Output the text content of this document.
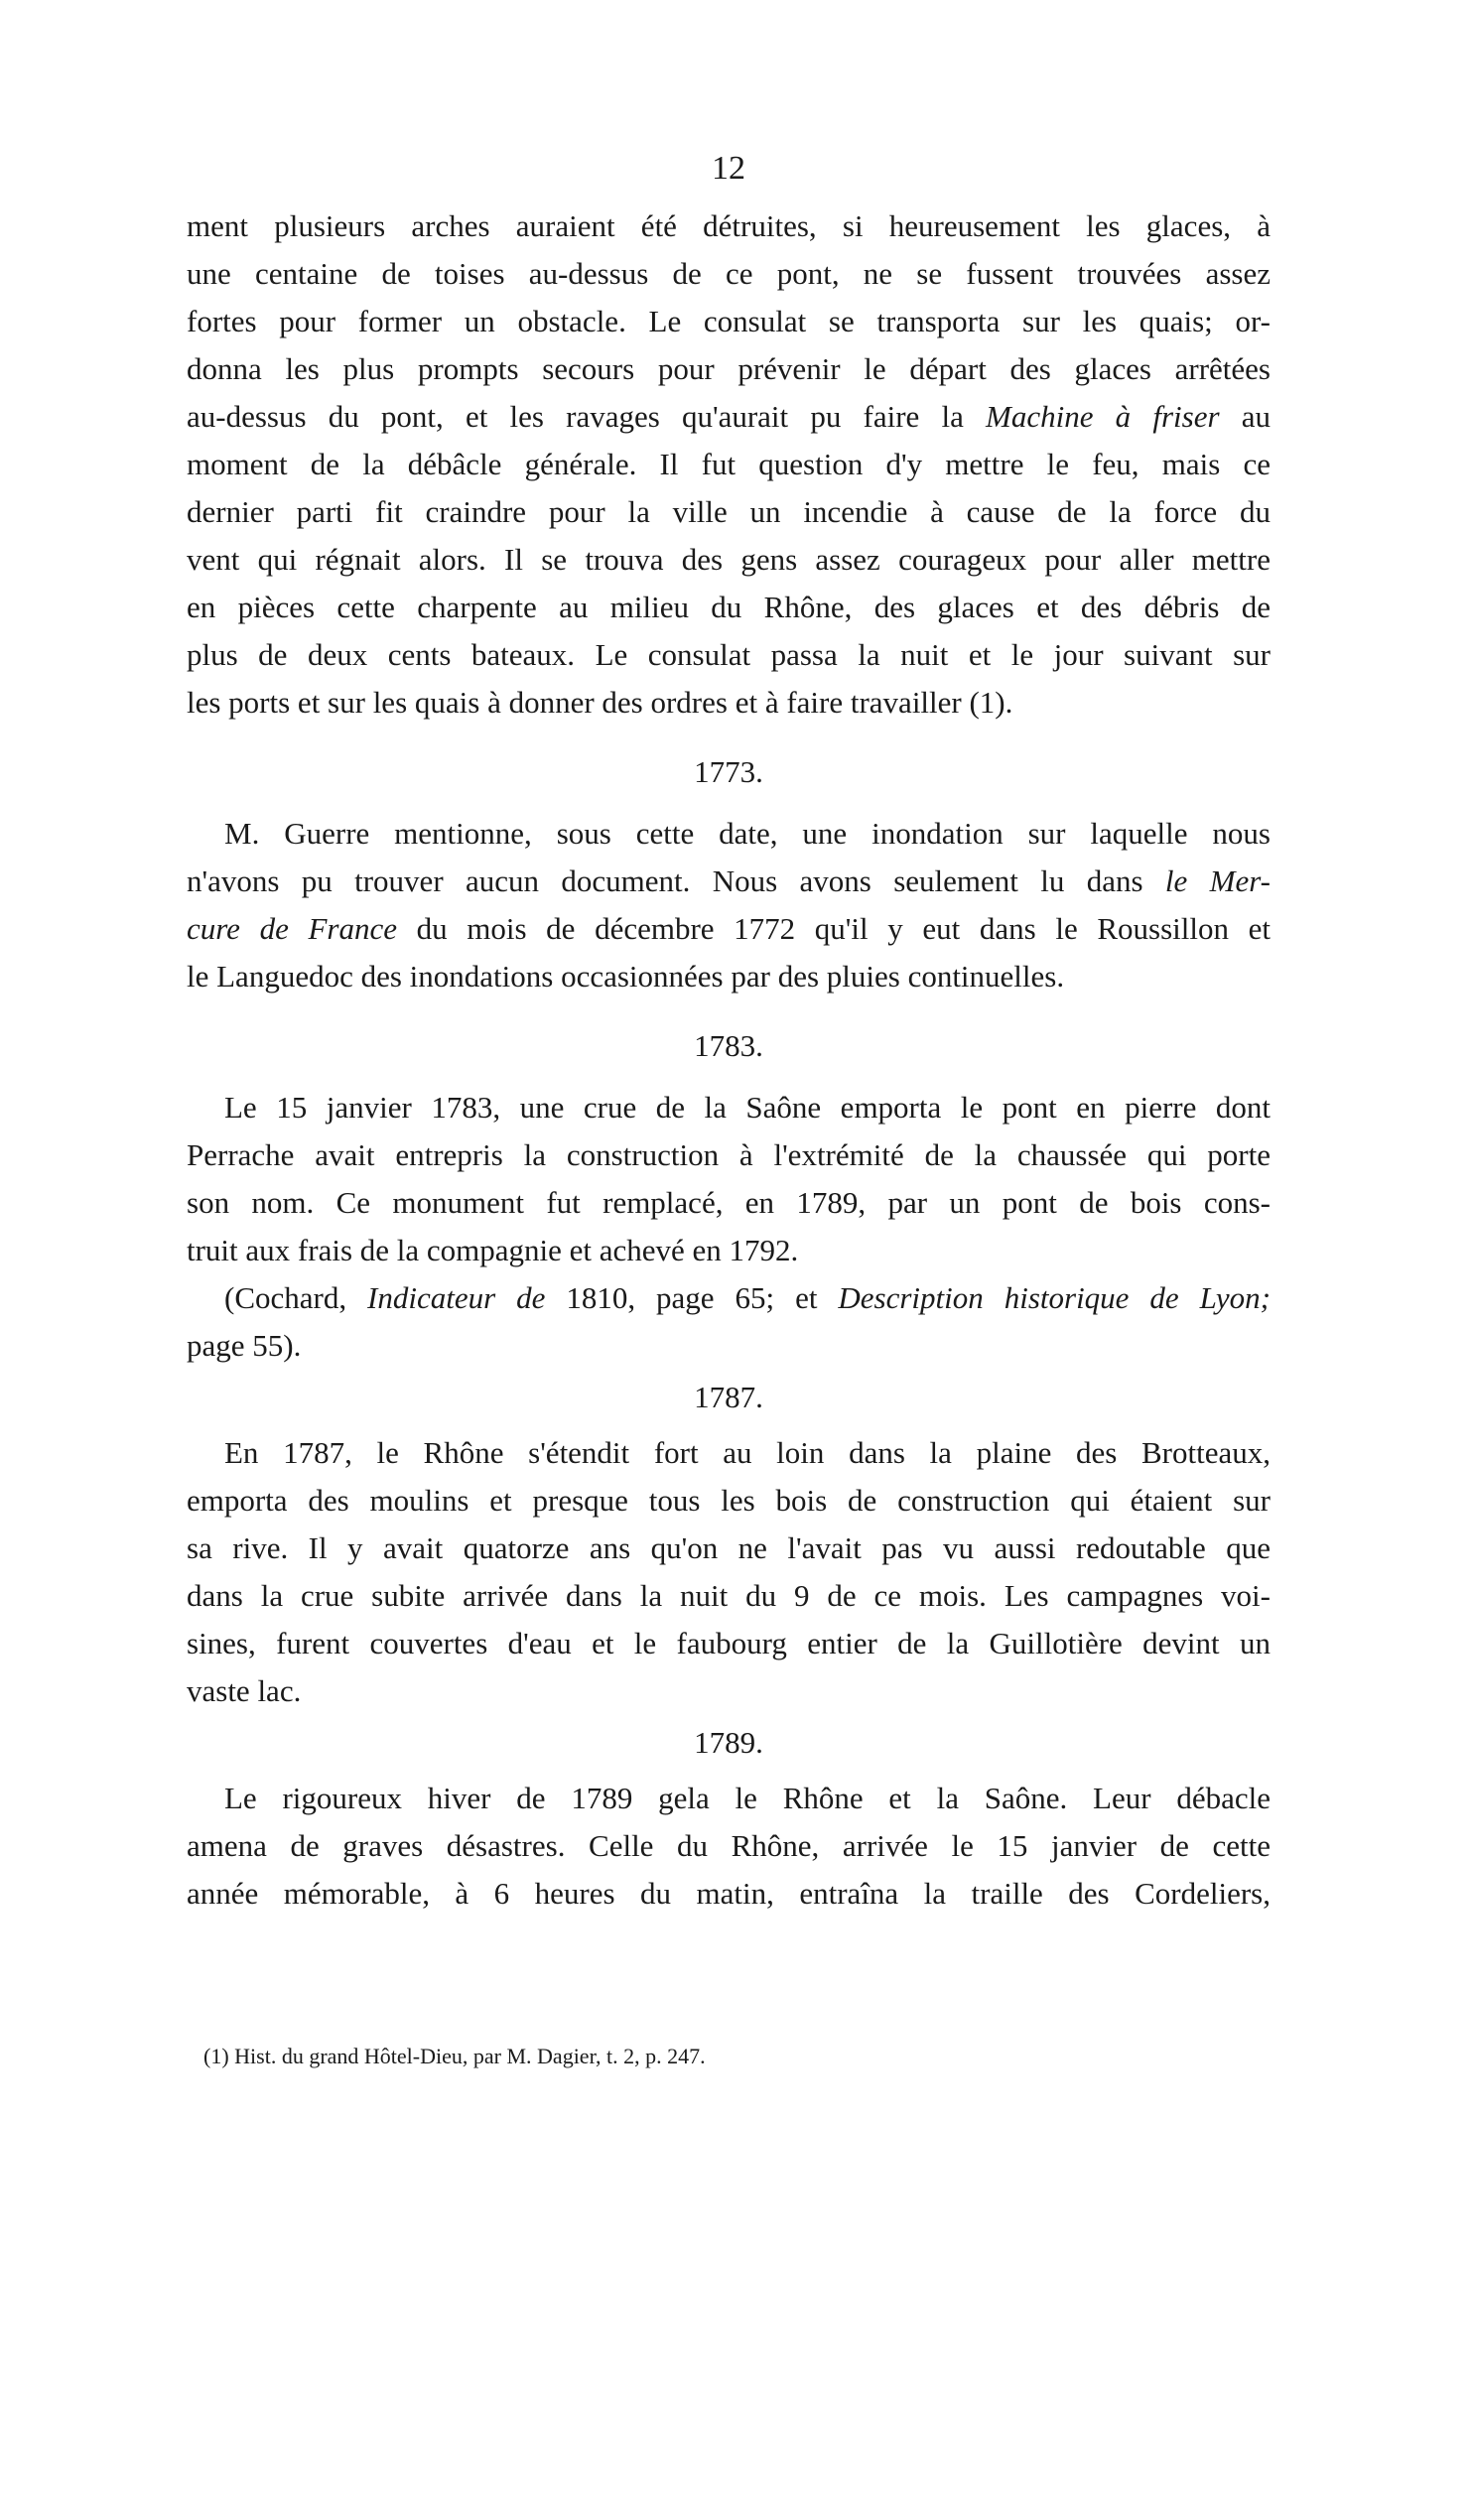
12
ment plusieurs arches auraient été détruites, si heureusement les glaces, à
une centaine de toises au-dessus de ce pont, ne se fussent trouvées assez
fortes pour former un obstacle. Le consulat se transporta sur les quais; or-
donna les plus prompts secours pour prévenir le départ des glaces arrêtées
au-dessus du pont, et les ravages qu'aurait pu faire la Machine à friser au
moment de la débâcle générale. Il fut question d'y mettre le feu, mais ce
dernier parti fit craindre pour la ville un incendie à cause de la force du
vent qui régnait alors. Il se trouva des gens assez courageux pour aller mettre
en pièces cette charpente au milieu du Rhône, des glaces et des débris de
plus de deux cents bateaux. Le consulat passa la nuit et le jour suivant sur
les ports et sur les quais à donner des ordres et à faire travailler (1).
1773.
M. Guerre mentionne, sous cette date, une inondation sur laquelle nous
n'avons pu trouver aucun document. Nous avons seulement lu dans le Mer-
cure de France du mois de décembre 1772 qu'il y eut dans le Roussillon et
le Languedoc des inondations occasionnées par des pluies continuelles.
1783.
Le 15 janvier 1783, une crue de la Saône emporta le pont en pierre dont
Perrache avait entrepris la construction à l'extrémité de la chaussée qui porte
son nom. Ce monument fut remplacé, en 1789, par un pont de bois cons-
truit aux frais de la compagnie et achevé en 1792.
(Cochard, Indicateur de 1810, page 65; et Description historique de Lyon;
page 55).
1787.
En 1787, le Rhône s'étendit fort au loin dans la plaine des Brotteaux,
emporta des moulins et presque tous les bois de construction qui étaient sur
sa rive. Il y avait quatorze ans qu'on ne l'avait pas vu aussi redoutable que
dans la crue subite arrivée dans la nuit du 9 de ce mois. Les campagnes voi-
sines, furent couvertes d'eau et le faubourg entier de la Guillotière devint un
vaste lac.
1789.
Le rigoureux hiver de 1789 gela le Rhône et la Saône. Leur débacle
amena de graves désastres. Celle du Rhône, arrivée le 15 janvier de cette
année mémorable, à 6 heures du matin, entraîna la traille des Cordeliers,
(1) Hist. du grand Hôtel-Dieu, par M. Dagier, t. 2, p. 247.
